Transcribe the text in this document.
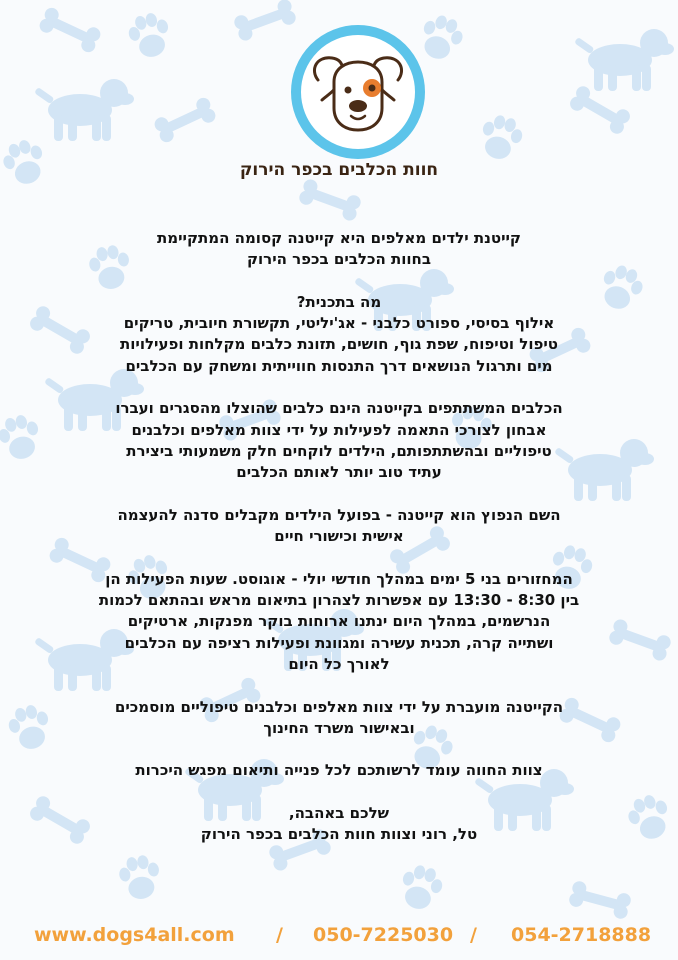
חוות הכלבים בכפר הירוק

קייטנת ילדים מאלפים היא קייטנה קסומה המתקיימת
בחוות הכלבים בכפר הירוק

מה בתכנית?
אילוף בסיסי, ספורט כלבני - אג'יליטי, תקשורת חיובית, טריקים
טיפול וטיפוח, שפת גוף, חושים, תזונת כלבים מקלחות ופעילויות
מים ותרגול הנושאים דרך התנסות חווייתית ומשחק עם הכלבים

הכלבים המשתתפים בקייטנה הינם כלבים שהוצלו מהסגרים ועברו
אבחון לצורכי התאמה לפעילות על ידי צוות מאלפים וכלבנים
טיפוליים ובהשתתפותם, הילדים לוקחים חלק משמעותי ביצירת
עתיד טוב יותר לאותם הכלבים

השם הנפוץ הוא קייטנה - בפועל הילדים מקבלים סדנה להעצמה
אישית וכישורי חיים

המחזורים בני 5 ימים במהלך חודשי יולי - אוגוסט. שעות הפעילות הן
בין 8:30 - 13:30 עם אפשרות לצהרון בתיאום מראש ובהתאם לכמות
הנרשמים, במהלך היום ינתנו ארוחות בוקר מפנקות, ארטיקים
ושתייה קרה, תכנית עשירה ומגוונת ופעילות רציפה עם הכלבים
לאורך כל היום

הקייטנה מועברת על ידי צוות מאלפים וכלבנים טיפוליים מוסמכים
ובאישור משרד החינוך

צוות החווה עומד לרשותכם לכל פנייה ותיאום מפגש היכרות

שלכם באהבה,
טל, רוני וצוות חוות הכלבים בכפר הירוק

www.dogs4all.com / 050-7225030 / 054-2718888
